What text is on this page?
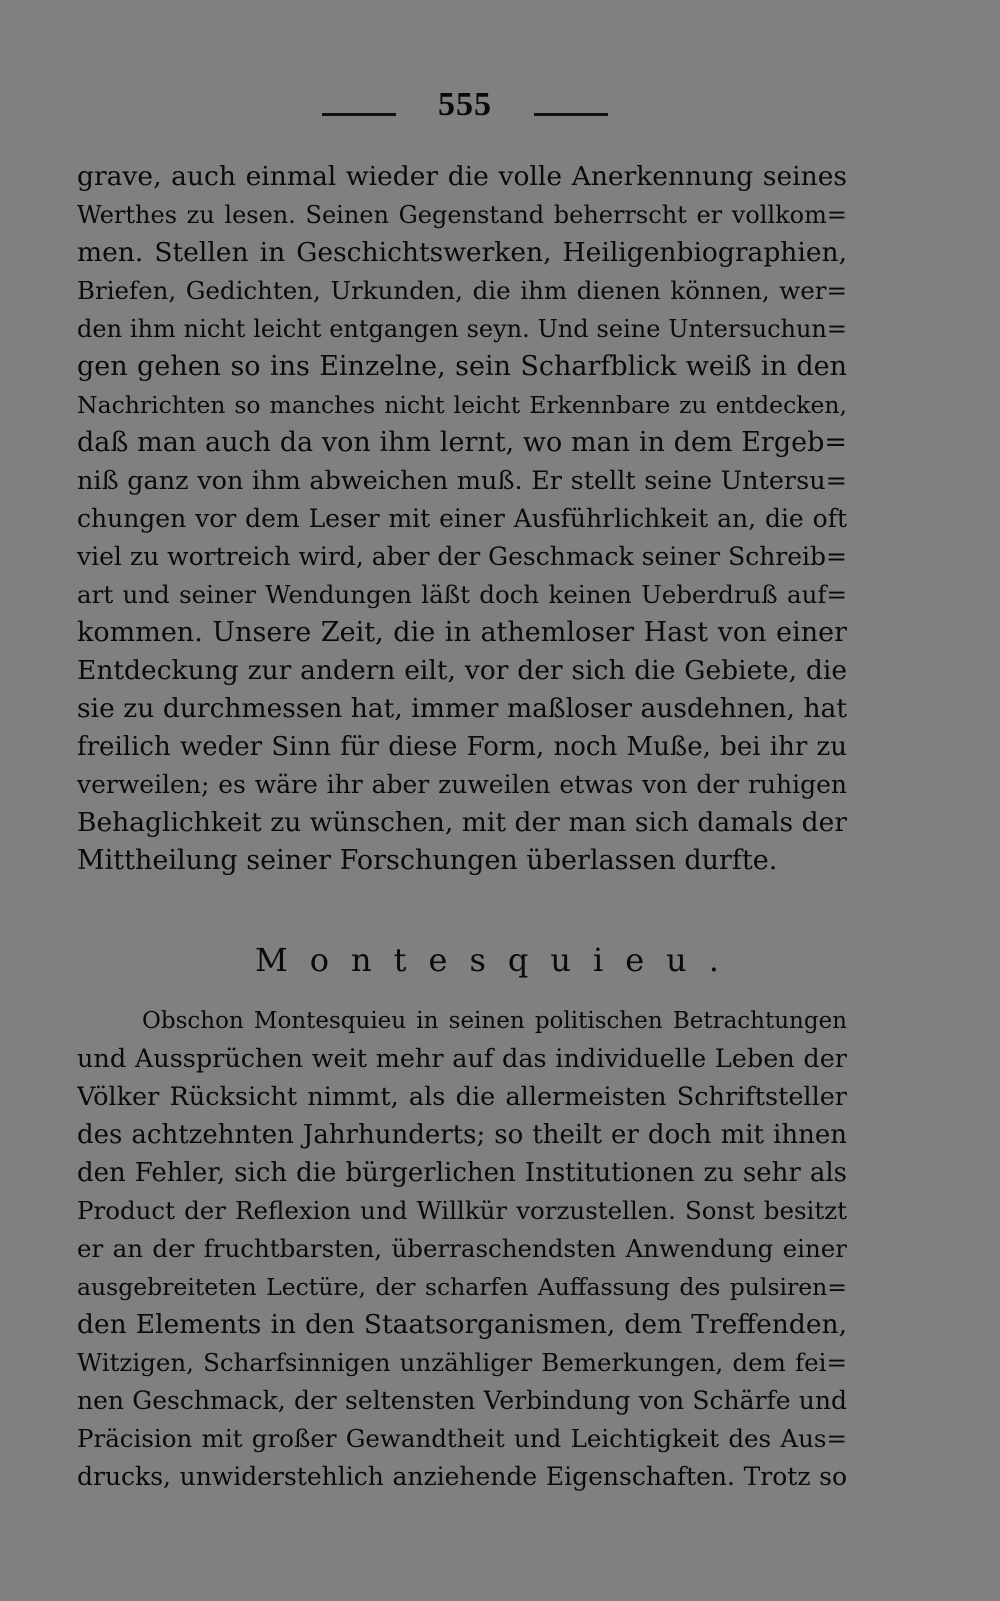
555
grave, auch einmal wieder die volle Anerkennung seines
Werthes zu lesen. Seinen Gegenstand beherrscht er vollkom=
men. Stellen in Geschichtswerken, Heiligenbiographien,
Briefen, Gedichten, Urkunden, die ihm dienen können, wer=
den ihm nicht leicht entgangen seyn. Und seine Untersuchun=
gen gehen so ins Einzelne, sein Scharfblick weiß in den
Nachrichten so manches nicht leicht Erkennbare zu entdecken,
daß man auch da von ihm lernt, wo man in dem Ergeb=
niß ganz von ihm abweichen muß. Er stellt seine Untersu=
chungen vor dem Leser mit einer Ausführlichkeit an, die oft
viel zu wortreich wird, aber der Geschmack seiner Schreib=
art und seiner Wendungen läßt doch keinen Ueberdruß auf=
kommen. Unsere Zeit, die in athemloser Hast von einer
Entdeckung zur andern eilt, vor der sich die Gebiete, die
sie zu durchmessen hat, immer maßloser ausdehnen, hat
freilich weder Sinn für diese Form, noch Muße, bei ihr zu
verweilen; es wäre ihr aber zuweilen etwas von der ruhigen
Behaglichkeit zu wünschen, mit der man sich damals der
Mittheilung seiner Forschungen überlassen durfte.
Montesquieu.
Obschon Montesquieu in seinen politischen Betrachtungen
und Aussprüchen weit mehr auf das individuelle Leben der
Völker Rücksicht nimmt, als die allermeisten Schriftsteller
des achtzehnten Jahrhunderts; so theilt er doch mit ihnen
den Fehler, sich die bürgerlichen Institutionen zu sehr als
Product der Reflexion und Willkür vorzustellen. Sonst besitzt
er an der fruchtbarsten, überraschendsten Anwendung einer
ausgebreiteten Lectüre, der scharfen Auffassung des pulsiren=
den Elements in den Staatsorganismen, dem Treffenden,
Witzigen, Scharfsinnigen unzähliger Bemerkungen, dem fei=
nen Geschmack, der seltensten Verbindung von Schärfe und
Präcision mit großer Gewandtheit und Leichtigkeit des Aus=
drucks, unwiderstehlich anziehende Eigenschaften. Trotz so
